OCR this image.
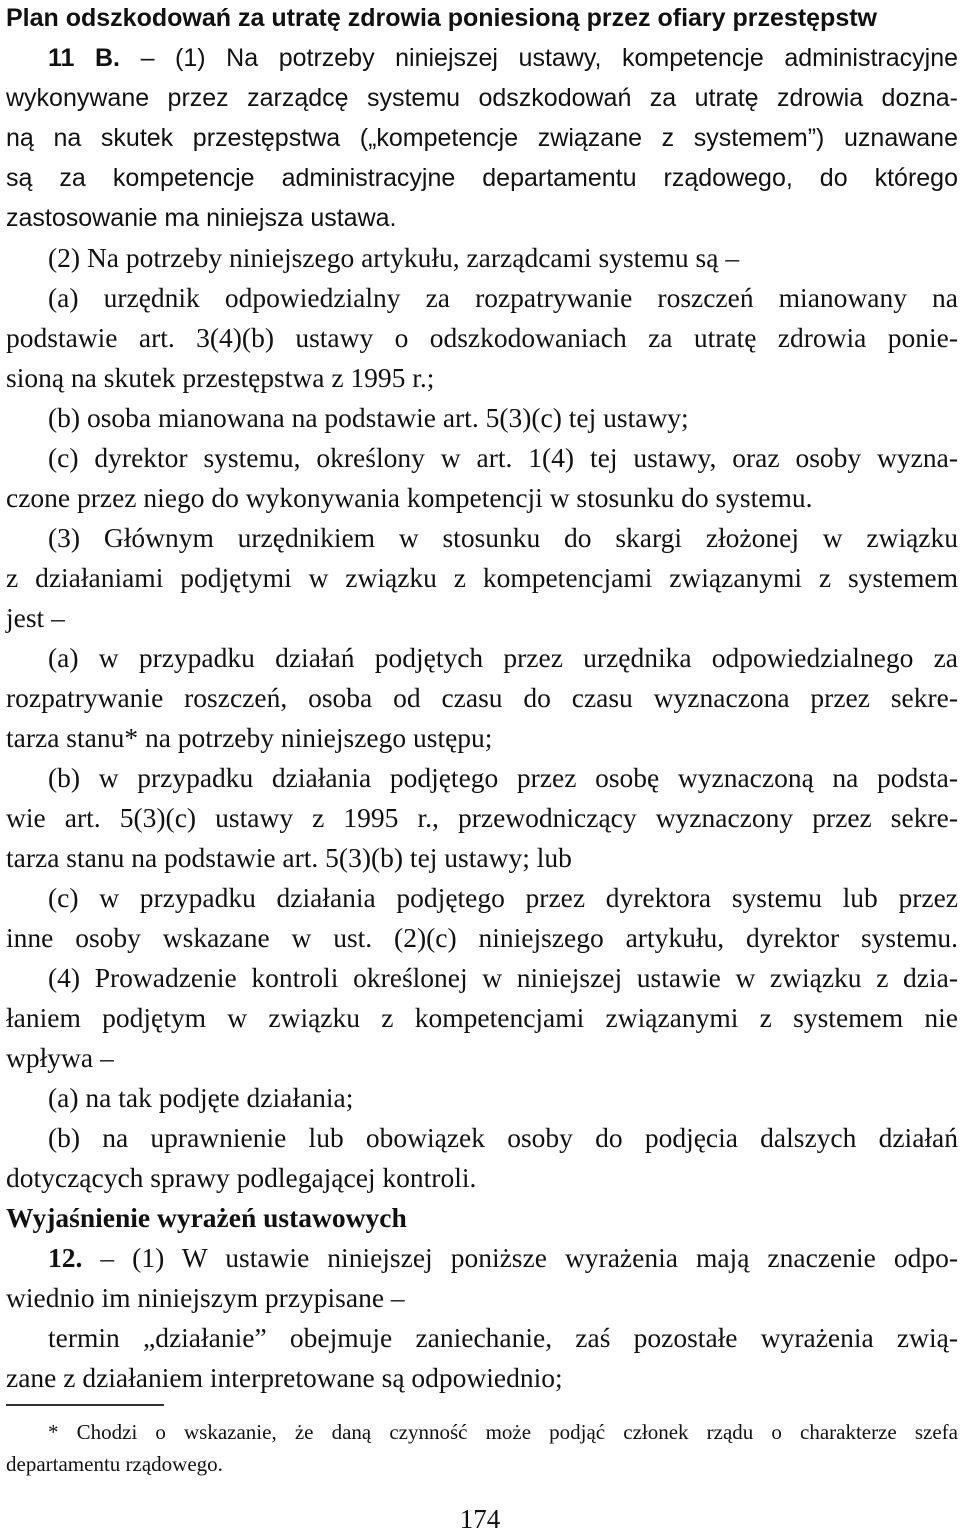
Plan odszkodowań za utratę zdrowia poniesioną przez ofiary przestępstw
11 B. – (1) Na potrzeby niniejszej ustawy, kompetencje administracyjne
wykonywane przez zarządcę systemu odszkodowań za utratę zdrowia dozna-
ną na skutek przestępstwa („kompetencje związane z systemem”) uznawane
są za kompetencje administracyjne departamentu rządowego, do którego
zastosowanie ma niniejsza ustawa.
(2) Na potrzeby niniejszego artykułu, zarządcami systemu są –
(a) urzędnik odpowiedzialny za rozpatrywanie roszczeń mianowany na
podstawie art. 3(4)(b) ustawy o odszkodowaniach za utratę zdrowia ponie-
sioną na skutek przestępstwa z 1995 r.;
(b) osoba mianowana na podstawie art. 5(3)(c) tej ustawy;
(c) dyrektor systemu, określony w art. 1(4) tej ustawy, oraz osoby wyzna-
czone przez niego do wykonywania kompetencji w stosunku do systemu.
(3) Głównym urzędnikiem w stosunku do skargi złożonej w związku
z działaniami podjętymi w związku z kompetencjami związanymi z systemem
jest –
(a) w przypadku działań podjętych przez urzędnika odpowiedzialnego za
rozpatrywanie roszczeń, osoba od czasu do czasu wyznaczona przez sekre-
tarza stanu* na potrzeby niniejszego ustępu;
(b) w przypadku działania podjętego przez osobę wyznaczoną na podsta-
wie art. 5(3)(c) ustawy z 1995 r., przewodniczący wyznaczony przez sekre-
tarza stanu na podstawie art. 5(3)(b) tej ustawy; lub
(c) w przypadku działania podjętego przez dyrektora systemu lub przez
inne osoby wskazane w ust. (2)(c) niniejszego artykułu, dyrektor systemu.
(4) Prowadzenie kontroli określonej w niniejszej ustawie w związku z dzia-
łaniem podjętym w związku z kompetencjami związanymi z systemem nie
wpływa –
(a) na tak podjęte działania;
(b) na uprawnienie lub obowiązek osoby do podjęcia dalszych działań
dotyczących sprawy podlegającej kontroli.
Wyjaśnienie wyrażeń ustawowych
12. – (1) W ustawie niniejszej poniższe wyrażenia mają znaczenie odpo-
wiednio im niniejszym przypisane –
termin „działanie” obejmuje zaniechanie, zaś pozostałe wyrażenia zwią-
zane z działaniem interpretowane są odpowiednio;
* Chodzi o wskazanie, że daną czynność może podjąć członek rządu o charakterze szefa
departamentu rządowego.
174
